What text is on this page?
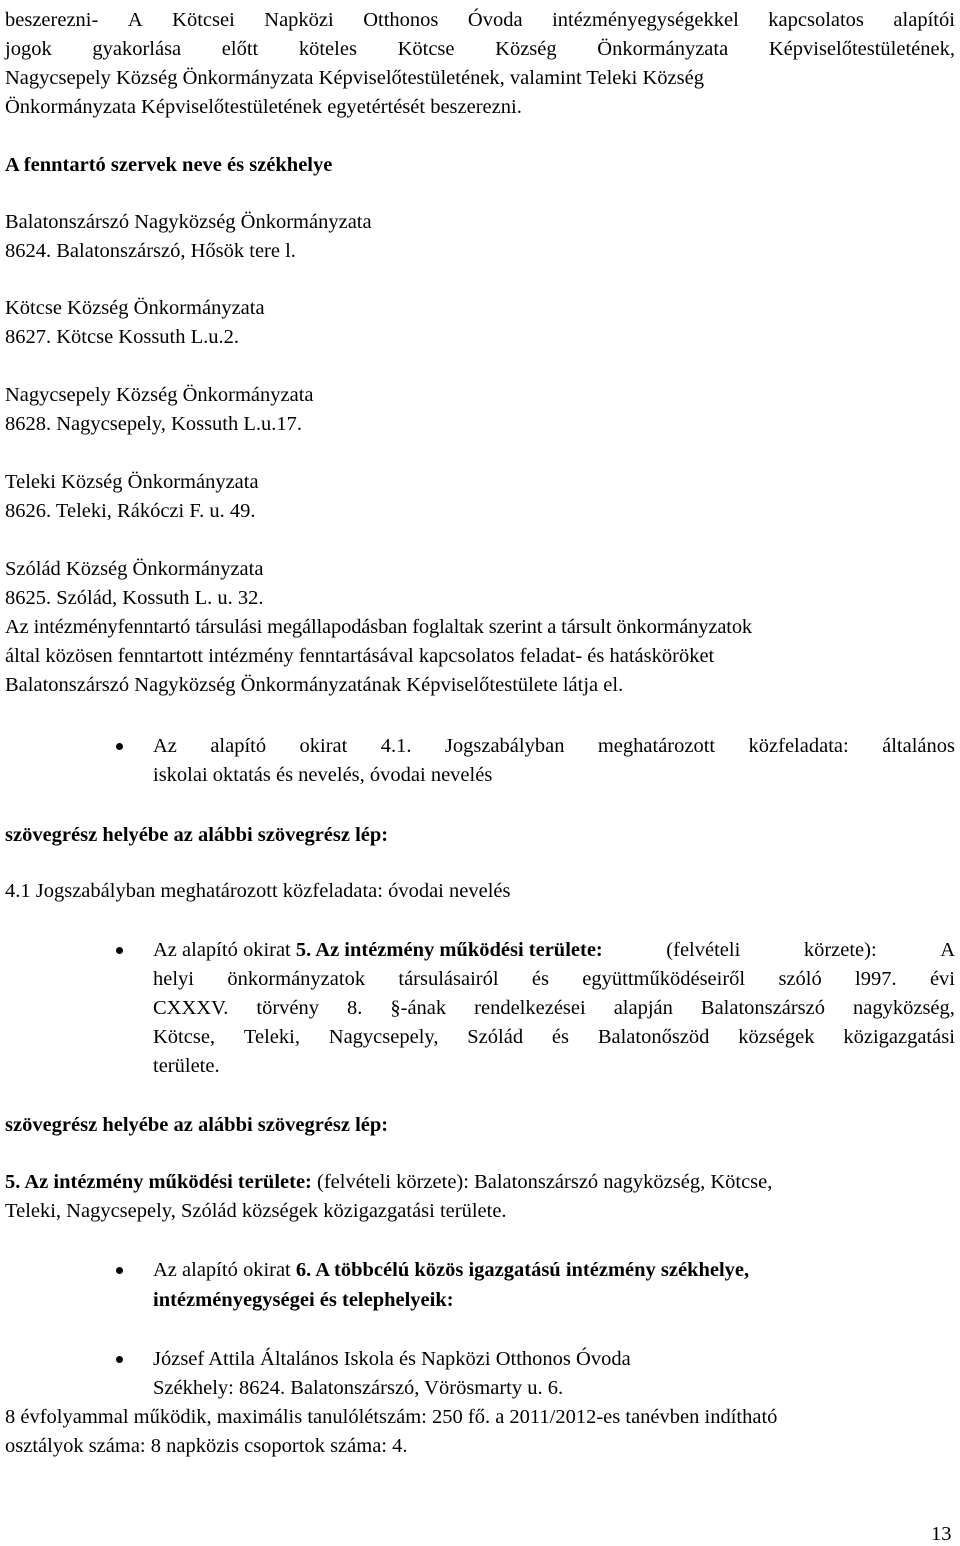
beszerezni- A Kötcsei Napközi Otthonos Óvoda intézményegységekkel kapcsolatos alapítói
jogok gyakorlása előtt köteles Kötcse Község Önkormányzata Képviselőtestületének,
Nagycsepely Község Önkormányzata Képviselőtestületének, valamint Teleki Község
Önkormányzata Képviselőtestületének egyetértését beszerezni.
A fenntartó szervek neve és székhelye
Balatonszárszó Nagyközség Önkormányzata
8624. Balatonszárszó, Hősök tere l.
Kötcse Község Önkormányzata
8627. Kötcse Kossuth L.u.2.
Nagycsepely Község Önkormányzata
8628. Nagycsepely, Kossuth L.u.17.
Teleki Község Önkormányzata
8626. Teleki, Rákóczi F. u. 49.
Szólád Község Önkormányzata
8625. Szólád, Kossuth L. u. 32.
Az intézményfenntartó társulási megállapodásban foglaltak szerint a társult önkormányzatok
által közösen fenntartott intézmény fenntartásával kapcsolatos feladat- és hatásköröket
Balatonszárszó Nagyközség Önkormányzatának Képviselőtestülete látja el.
Az alapító okirat 4.1. Jogszabályban meghatározott közfeladata: általános
iskolai oktatás és nevelés, óvodai nevelés
szövegrész helyébe az alábbi szövegrész lép:
4.1 Jogszabályban meghatározott közfeladata: óvodai nevelés
Az alapító okirat 5. Az intézmény működési területe:	(felvételi	körzete):	A
helyi önkormányzatok társulásairól és együttműködéseiről szóló l997. évi
CXXXV. törvény 8. §-ának rendelkezései alapján Balatonszárszó nagyközség,
Kötcse, Teleki, Nagycsepely, Szólád és Balatonőszöd községek közigazgatási
területe.
szövegrész helyébe az alábbi szövegrész lép:
5. Az intézmény működési területe: (felvételi körzete): Balatonszárszó nagyközség, Kötcse,
Teleki, Nagycsepely, Szólád községek közigazgatási területe.
Az alapító okirat 6. A többcélú közös igazgatású intézmény székhelye,
intézményegységei és telephelyeik:
József Attila Általános Iskola és Napközi Otthonos Óvoda
Székhely: 8624. Balatonszárszó, Vörösmarty u. 6.
8 évfolyammal működik, maximális tanulólétszám: 250 fő. a 2011/2012-es tanévben indítható
osztályok száma: 8 napközis csoportok száma: 4.
13
